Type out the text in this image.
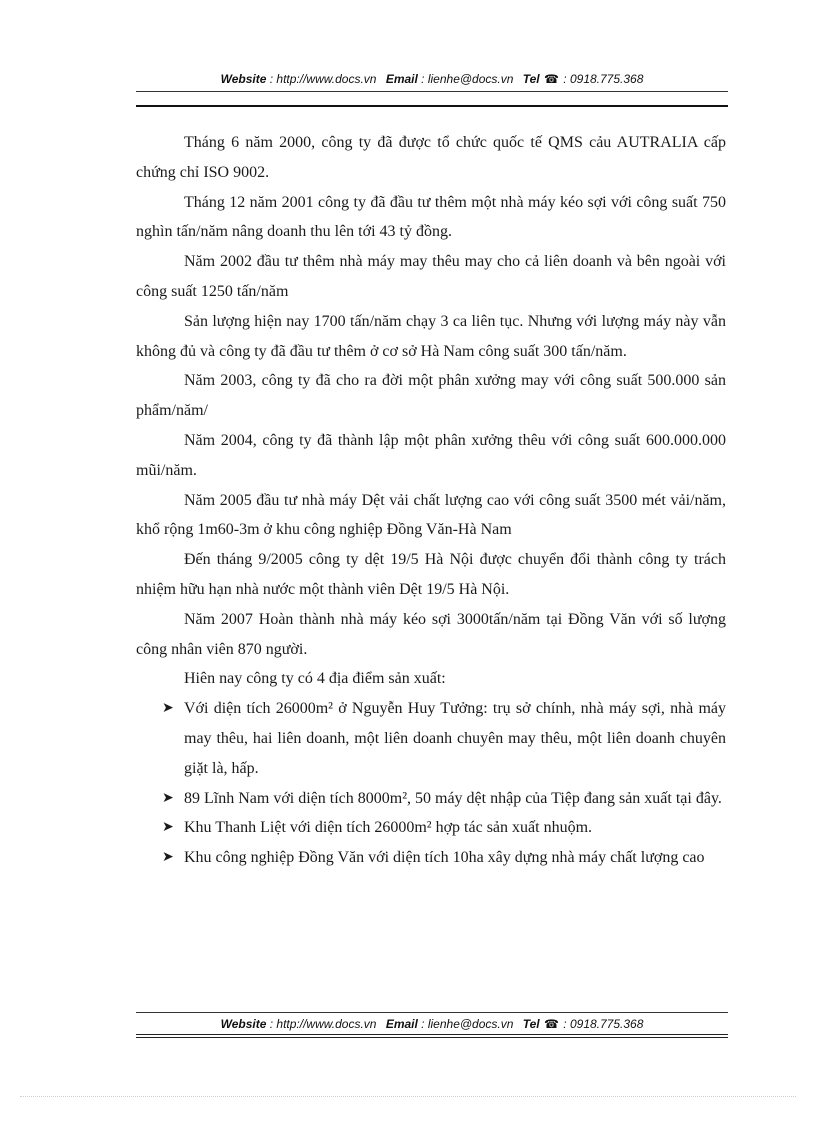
Website : http://www.docs.vn Email : lienhe@docs.vn Tel ☎ : 0918.775.368

Tháng 6 năm 2000, công ty đã được tổ chức quốc tế QMS cảu AUTRALIA cấp chứng chỉ ISO 9002.

Tháng 12 năm 2001 công ty đã đầu tư thêm một nhà máy kéo sợi với công suất 750 nghìn tấn/năm nâng doanh thu lên tới 43 tỷ đồng.

Năm 2002 đầu tư thêm nhà máy may thêu may cho cả liên doanh và bên ngoài với công suất 1250 tấn/năm

Sản lượng hiện nay 1700 tấn/năm chạy 3 ca liên tục. Nhưng với lượng máy này vẫn không đủ và công ty đã đầu tư thêm ở cơ sở Hà Nam công suất 300 tấn/năm.

Năm 2003, công ty đã cho ra đời một phân xưởng may với công suất 500.000 sản phẩm/năm/

Năm 2004, công ty đã thành lập một phân xưởng thêu với công suất 600.000.000 mũi/năm.

Năm 2005 đầu tư nhà máy Dệt vải chất lượng cao với công suất 3500 mét vải/năm, khổ rộng 1m60-3m ở khu công nghiệp Đồng Văn-Hà Nam

Đến tháng 9/2005 công ty dệt 19/5 Hà Nội được chuyển đổi thành công ty trách nhiệm hữu hạn nhà nước một thành viên Dệt 19/5 Hà Nội.

Năm 2007 Hoàn thành nhà máy kéo sợi 3000tấn/năm tại Đồng Văn với số lượng công nhân viên 870 người.

Hiên nay công ty có 4 địa điểm sản xuất:

➤ Với diện tích 26000m² ở Nguyễn Huy Tưởng: trụ sở chính, nhà máy sợi, nhà máy may thêu, hai liên doanh, một liên doanh chuyên may thêu, một liên doanh chuyên giặt là, hấp.
➤ 89 Lĩnh Nam với diện tích 8000m², 50 máy dệt nhập của Tiệp đang sản xuất tại đây.
➤ Khu Thanh Liệt với diện tích 26000m² hợp tác sản xuất nhuộm.
➤ Khu công nghiệp Đồng Văn với diện tích 10ha xây dựng nhà máy chất lượng cao
Website : http://www.docs.vn Email : lienhe@docs.vn Tel ☎ : 0918.775.368
